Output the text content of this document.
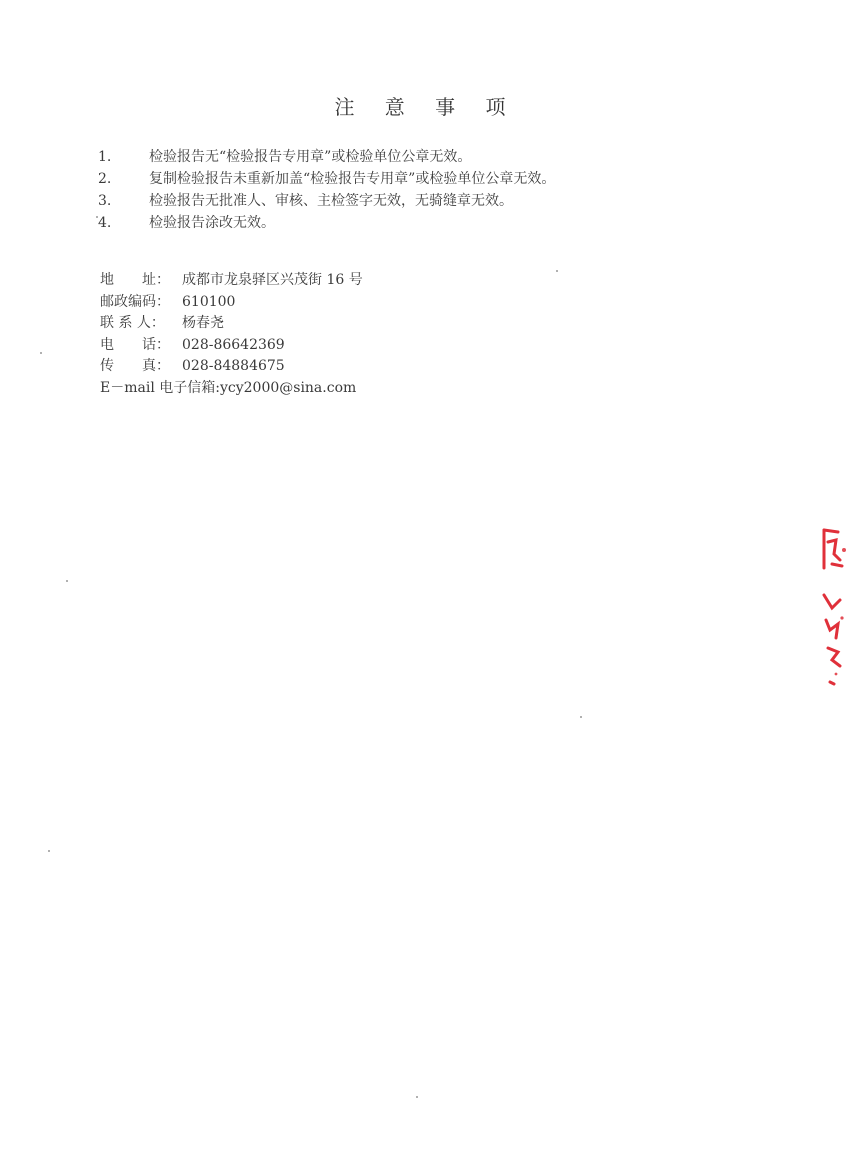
注 意 事 项
1.	检验报告无“检验报告专用章”或检验单位公章无效。
2.	复制检验报告未重新加盖“检验报告专用章”或检验单位公章无效。
3.	检验报告无批准人、审核、主检签字无效，无骑缝章无效。
4.	检验报告涂改无效。
地　　址： 成都市龙泉驿区兴茂街 16 号
邮政编码： 610100
联 系 人： 杨春尧
电　　话： 028-86642369
传　　真： 028-84884675
E－mail 电子信箱:ycy2000@sina.com
